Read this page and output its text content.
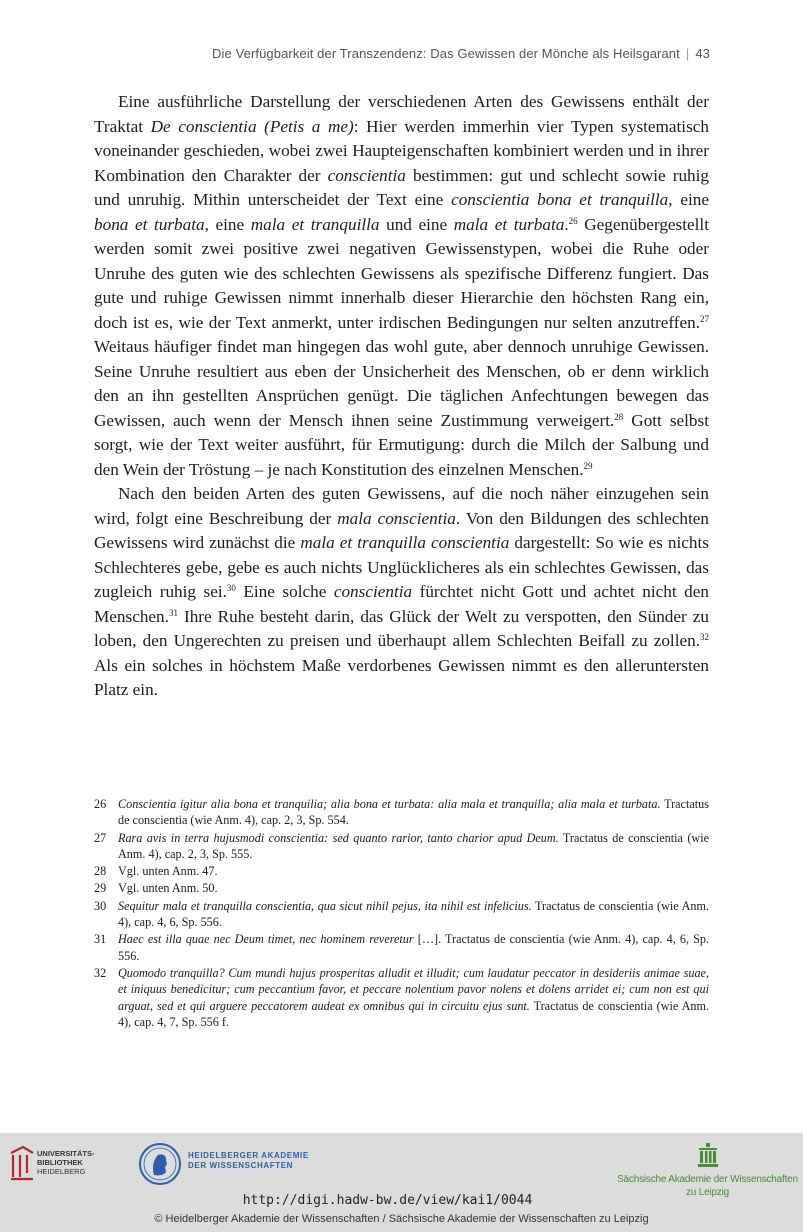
Die Verfügbarkeit der Transzendenz: Das Gewissen der Mönche als Heilsgarant | 43

Eine ausführliche Darstellung der verschiedenen Arten des Gewissens enthält der Traktat De conscientia (Petis a me): Hier werden immerhin vier Typen systematisch voneinander geschieden, wobei zwei Haupteigenschaften kombiniert werden und in ihrer Kombination den Charakter der conscientia bestimmen: gut und schlecht sowie ruhig und unruhig. Mithin unterscheidet der Text eine conscientia bona et tranquilla, eine bona et turbata, eine mala et tranquilla und eine mala et turbata.$^{26}$ Gegenübergestellt werden somit zwei positive zwei negativen Gewissenstypen, wobei die Ruhe oder Unruhe des guten wie des schlechten Gewissens als spezifische Differenz fungiert. Das gute und ruhige Gewissen nimmt innerhalb dieser Hierarchie den höchsten Rang ein, doch ist es, wie der Text anmerkt, unter irdischen Bedingungen nur selten anzutreffen.$^{27}$ Weitaus häufiger findet man hingegen das wohl gute, aber dennoch unruhige Gewissen. Seine Unruhe resultiert aus eben der Unsicherheit des Menschen, ob er denn wirklich den an ihn gestellten Ansprüchen genügt. Die täglichen Anfechtungen bewegen das Gewissen, auch wenn der Mensch ihnen seine Zustimmung verweigert.$^{28}$ Gott selbst sorgt, wie der Text weiter ausführt, für Ermutigung: durch die Milch der Salbung und den Wein der Tröstung – je nach Konstitution des einzelnen Menschen.$^{29}$

Nach den beiden Arten des guten Gewissens, auf die noch näher einzugehen sein wird, folgt eine Beschreibung der mala conscientia. Von den Bildungen des schlechten Gewissens wird zunächst die mala et tranquilla conscientia dargestellt: So wie es nichts Schlechteres gebe, gebe es auch nichts Unglücklicheres als ein schlechtes Gewissen, das zugleich ruhig sei.$^{30}$ Eine solche conscientia fürchtet nicht Gott und achtet nicht den Menschen.$^{31}$ Ihre Ruhe besteht darin, das Glück der Welt zu verspotten, den Sünder zu loben, den Ungerechten zu preisen und überhaupt allem Schlechten Beifall zu zollen.$^{32}$ Als ein solches in höchstem Maße verdorbenes Gewissen nimmt es den alleruntersten Platz ein.

26 Conscientia igitur alia bona et tranquilia; alia bona et turbata: alia mala et tranquilla; alia mala et turbata. Tractatus de conscientia (wie Anm. 4), cap. 2, 3, Sp. 554.
27 Rara avis in terra hujusmodi conscientia: sed quanto rarior, tanto charior apud Deum. Tractatus de conscientia (wie Anm. 4), cap. 2, 3, Sp. 555.
28 Vgl. unten Anm. 47.
29 Vgl. unten Anm. 50.
30 Sequitur mala et tranquilla conscientia, qua sicut nihil pejus, ita nihil est infelicius. Tractatus de conscientia (wie Anm. 4), cap. 4, 6, Sp. 556.
31 Haec est illa quae nec Deum timet, nec hominem reveretur […]. Tractatus de conscientia (wie Anm. 4), cap. 4, 6, Sp. 556.
32 Quomodo tranquilla? Cum mundi hujus prosperitas alludit et illudit; cum laudatur peccator in desideriis animae suae, et iniquus benedicitur; cum peccantium favor, et peccare nolentium pavor nolens et dolens arridet ei; cum non est qui arguat, sed et qui arguere peccatorem audeat ex omnibus qui in circuitu ejus sunt. Tractatus de conscientia (wie Anm. 4), cap. 4, 7, Sp. 556 f.
UNIVERSITÄTS-
BIBLIOTHEK
HEIDELBERG
HEIDELBERGER AKADEMIE
DER WISSENSCHAFTEN
Sächsische Akademie der Wissenschaften
zu Leipzig
http://digi.hadw-bw.de/view/kai1/0044
© Heidelberger Akademie der Wissenschaften / Sächsische Akademie der Wissenschaften zu Leipzig
